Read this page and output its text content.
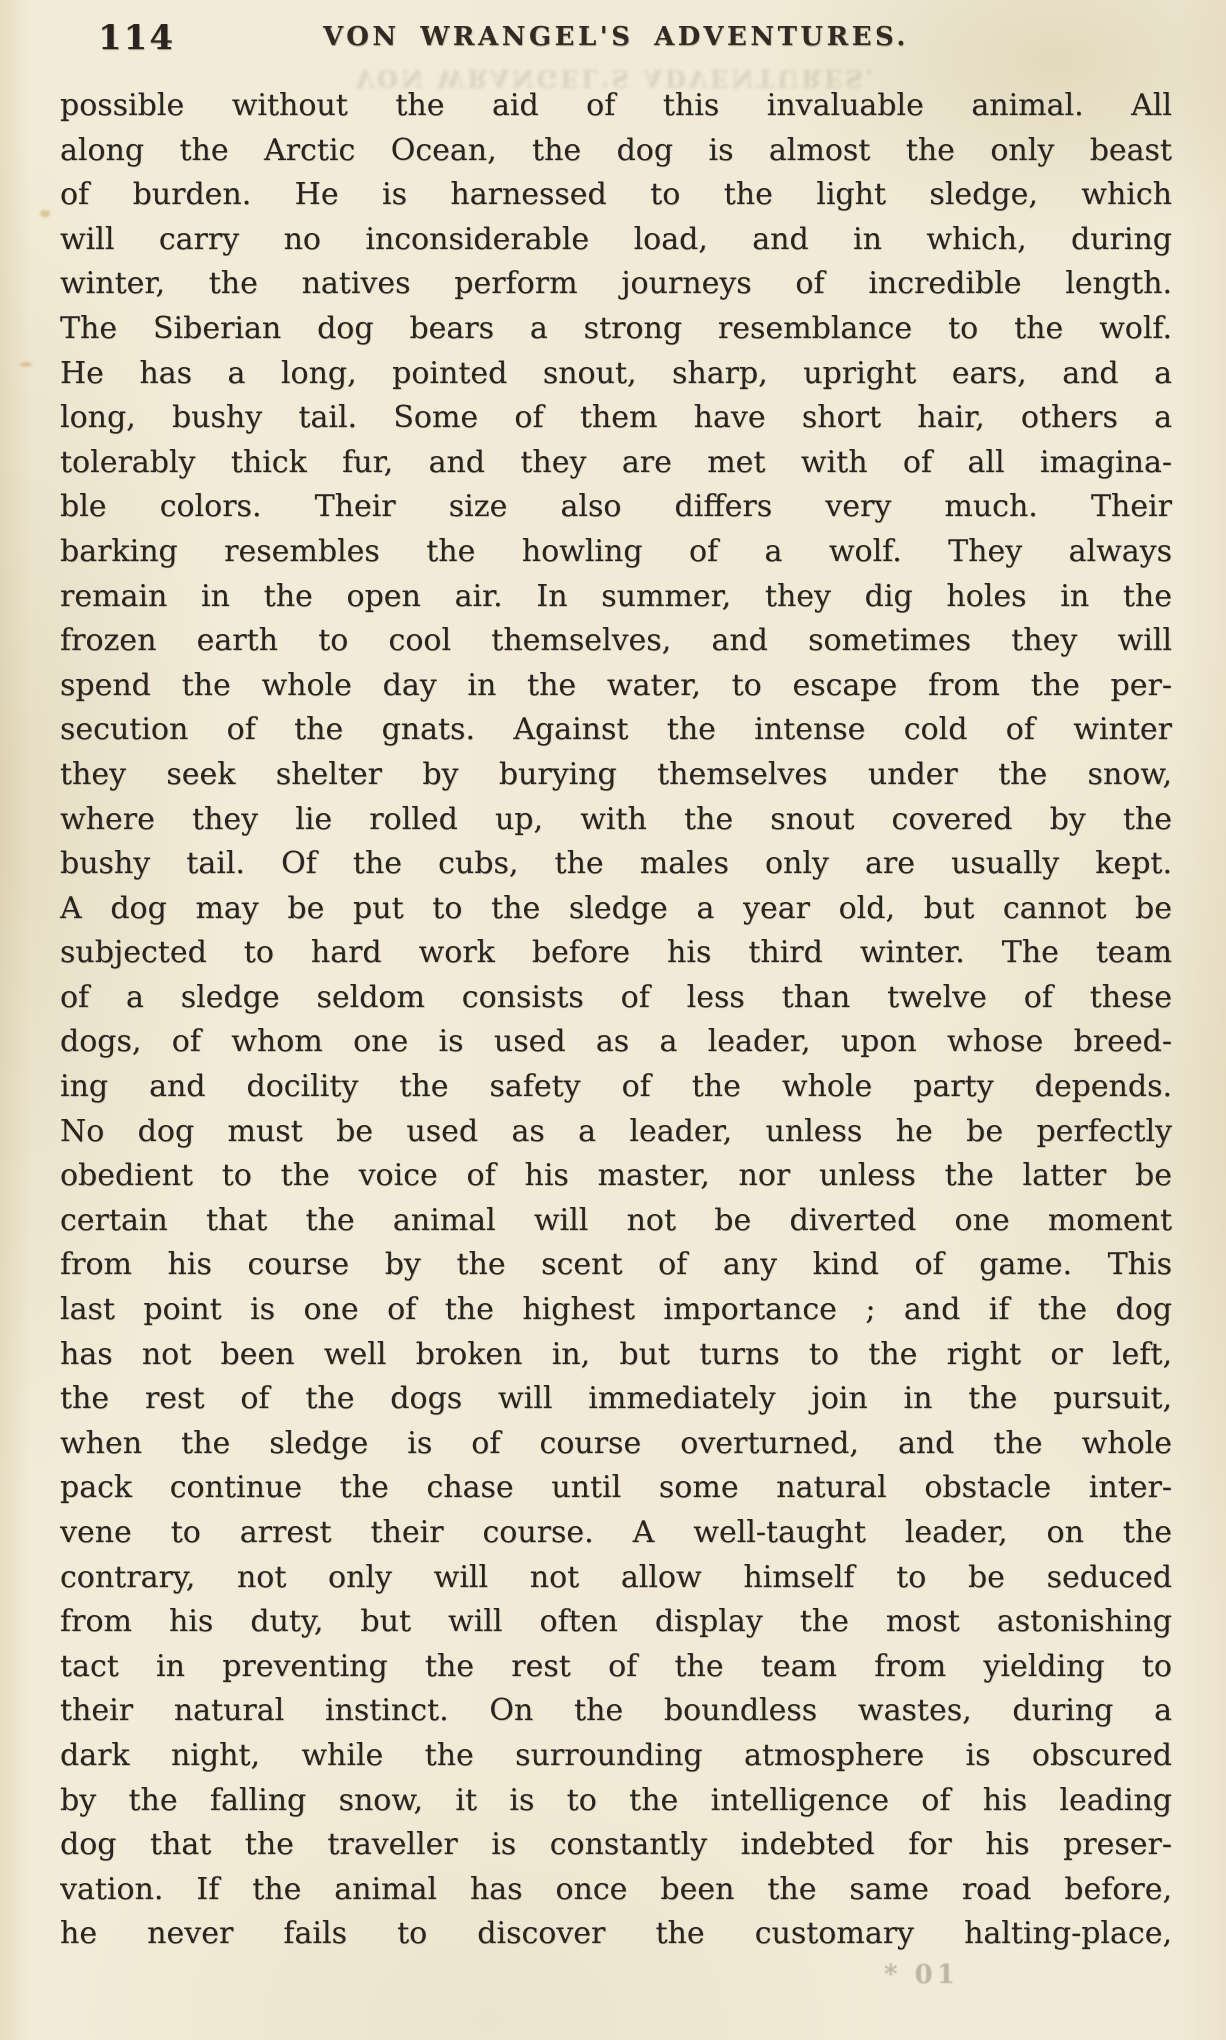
114
VON WRANGEL'S ADVENTURES.
VON WRANGEL'S ADVENTURES.
possible without the aid of this invaluable animal. All
along the Arctic Ocean, the dog is almost the only beast
of burden. He is harnessed to the light sledge, which
will carry no inconsiderable load, and in which, during
winter, the natives perform journeys of incredible length.
The Siberian dog bears a strong resemblance to the wolf.
He has a long, pointed snout, sharp, upright ears, and a
long, bushy tail. Some of them have short hair, others a
tolerably thick fur, and they are met with of all imagina-
ble colors. Their size also differs very much. Their
barking resembles the howling of a wolf. They always
remain in the open air. In summer, they dig holes in the
frozen earth to cool themselves, and sometimes they will
spend the whole day in the water, to escape from the per-
secution of the gnats. Against the intense cold of winter
they seek shelter by burying themselves under the snow,
where they lie rolled up, with the snout covered by the
bushy tail. Of the cubs, the males only are usually kept.
A dog may be put to the sledge a year old, but cannot be
subjected to hard work before his third winter. The team
of a sledge seldom consists of less than twelve of these
dogs, of whom one is used as a leader, upon whose breed-
ing and docility the safety of the whole party depends.
No dog must be used as a leader, unless he be perfectly
obedient to the voice of his master, nor unless the latter be
certain that the animal will not be diverted one moment
from his course by the scent of any kind of game. This
last point is one of the highest importance ; and if the dog
has not been well broken in, but turns to the right or left,
the rest of the dogs will immediately join in the pursuit,
when the sledge is of course overturned, and the whole
pack continue the chase until some natural obstacle inter-
vene to arrest their course. A well-taught leader, on the
contrary, not only will not allow himself to be seduced
from his duty, but will often display the most astonishing
tact in preventing the rest of the team from yielding to
their natural instinct. On the boundless wastes, during a
dark night, while the surrounding atmosphere is obscured
by the falling snow, it is to the intelligence of his leading
dog that the traveller is constantly indebted for his preser-
vation. If the animal has once been the same road before,
he never fails to discover the customary halting-place,
* 01
